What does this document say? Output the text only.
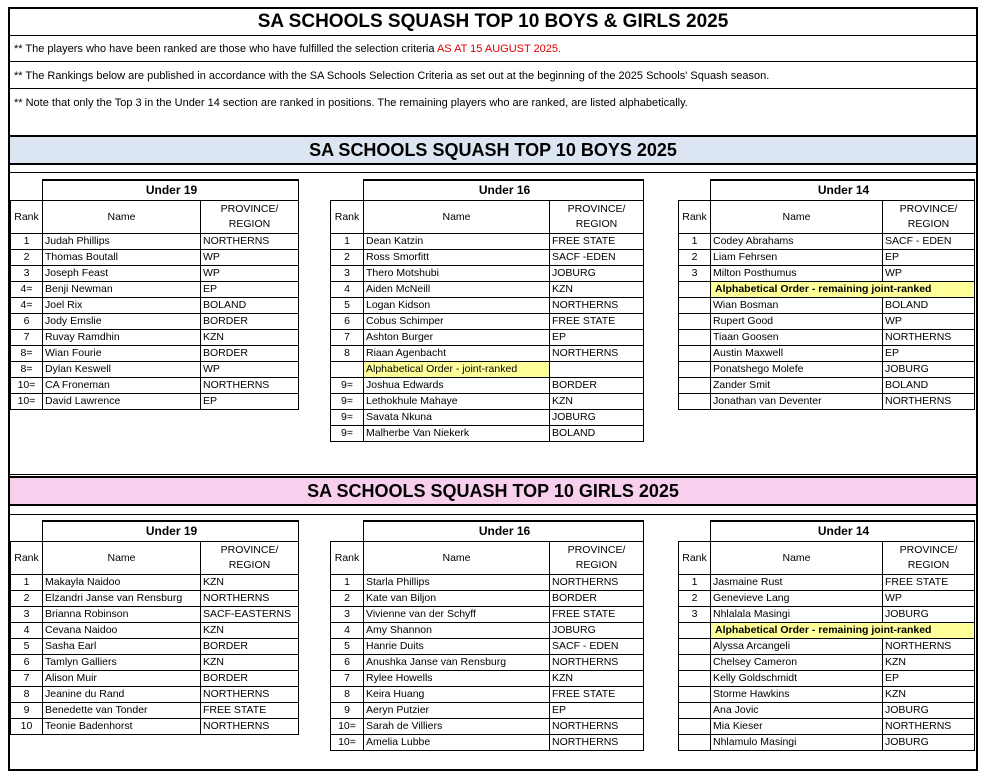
SA SCHOOLS SQUASH TOP 10 BOYS & GIRLS 2025
** The players who have been ranked are those who have fulfilled the selection criteria AS AT 15 AUGUST 2025.
** The Rankings below are published in accordance with the SA Schools Selection Criteria as set out at the beginning of the 2025 Schools' Squash season.
** Note that only the Top 3 in the Under 14 section are ranked in positions. The remaining players who are ranked, are listed alphabetically.
SA SCHOOLS SQUASH TOP 10 BOYS 2025
SA SCHOOLS SQUASH TOP 10 GIRLS 2025
	Under 19	
Rank	Name	PROVINCE/ REGION
1	Judah Phillips	NORTHERNS
2	Thomas Boutall	WP
3	Joseph Feast	WP
4=	Benji Newman	EP
4=	Joel Rix	BOLAND
6	Jody Emslie	BORDER
7	Ruvay Ramdhin	KZN
8=	Wian Fourie	BORDER
8=	Dylan Keswell	WP
10=	CA Froneman	NORTHERNS
10=	David Lawrence	EP
	Under 16	
Rank	Name	PROVINCE/ REGION
1	Dean Katzin	FREE STATE
2	Ross Smorfitt	SACF -EDEN
3	Thero Motshubi	JOBURG
4	Aiden McNeill	KZN
5	Logan Kidson	NORTHERNS
6	Cobus Schimper	FREE STATE
7	Ashton Burger	EP
8	Riaan Agenbacht	NORTHERNS
	Alphabetical Order - joint-ranked	
9=	Joshua Edwards	BORDER
9=	Lethokhule Mahaye	KZN
9=	Savata Nkuna	JOBURG
9=	Malherbe Van Niekerk	BOLAND
	Under 14	
Rank	Name	PROVINCE/ REGION
1	Codey Abrahams	SACF - EDEN
2	Liam Fehrsen	EP
3	Milton Posthumus	WP
	Alphabetical Order - remaining joint-ranked	
	Wian Bosman	BOLAND
	Rupert Good	WP
	Tiaan Goosen	NORTHERNS
	Austin Maxwell	EP
	Ponatshego Molefe	JOBURG
	Zander Smit	BOLAND
	Jonathan van Deventer	NORTHERNS
	Under 19	
Rank	Name	PROVINCE/ REGION
1	Makayla Naidoo	KZN
2	Elzandri Janse van Rensburg	NORTHERNS
3	Brianna Robinson	SACF-EASTERNS
4	Cevana Naidoo	KZN
5	Sasha Earl	BORDER
6	Tamlyn Galliers	KZN
7	Alison Muir	BORDER
8	Jeanine du Rand	NORTHERNS
9	Benedette van Tonder	FREE STATE
10	Teonie Badenhorst	NORTHERNS
	Under 16	
Rank	Name	PROVINCE/ REGION
1	Starla Phillips	NORTHERNS
2	Kate van Biljon	BORDER
3	Vivienne van der Schyff	FREE STATE
4	Amy Shannon	JOBURG
5	Hanrie Duits	SACF - EDEN
6	Anushka Janse van Rensburg	NORTHERNS
7	Rylee Howells	KZN
8	Keira Huang	FREE STATE
9	Aeryn Putzier	EP
10=	Sarah de Villiers	NORTHERNS
10=	Amelia Lubbe	NORTHERNS
	Under 14	
Rank	Name	PROVINCE/ REGION
1	Jasmaine Rust	FREE STATE
2	Genevieve Lang	WP
3	Nhlalala Masingi	JOBURG
	Alphabetical Order - remaining joint-ranked	
	Alyssa Arcangeli	NORTHERNS
	Chelsey Cameron	KZN
	Kelly Goldschmidt	EP
	Storme Hawkins	KZN
	Ana Jovic	JOBURG
	Mia Kieser	NORTHERNS
	Nhlamulo Masingi	JOBURG
